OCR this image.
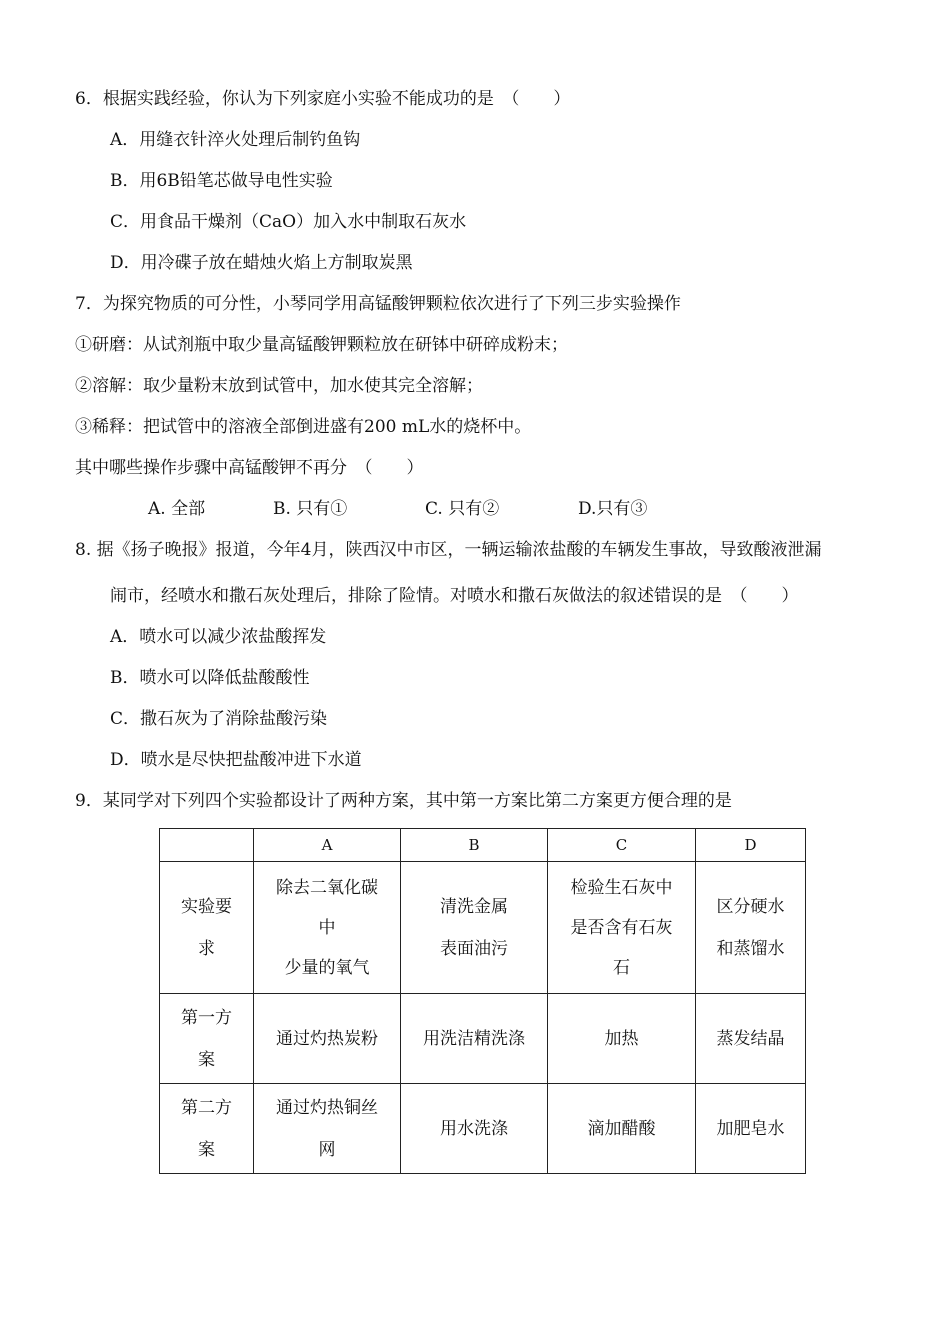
6．根据实践经验，你认为下列家庭小实验不能成功的是　（　　）
A．用缝衣针淬火处理后制钓鱼钩
B．用6B铅笔芯做导电性实验
C．用食品干燥剂（CaO）加入水中制取石灰水
D．用冷碟子放在蜡烛火焰上方制取炭黑
7．为探究物质的可分性，小琴同学用高锰酸钾颗粒依次进行了下列三步实验操作
①研磨：从试剂瓶中取少量高锰酸钾颗粒放在研钵中研碎成粉末；
②溶解：取少量粉末放到试管中，加水使其完全溶解；
③稀释：把试管中的溶液全部倒进盛有200 mL水的烧杯中。
其中哪些操作步骤中高锰酸钾不再分　（　　）
A. 全部	B. 只有①	C. 只有②	D.只有③
8. 据《扬子晚报》报道，今年4月，陕西汉中市区，一辆运输浓盐酸的车辆发生事故，导致酸液泄漏
闹市，经喷水和撒石灰处理后，排除了险情。对喷水和撒石灰做法的叙述错误的是　（　　）
A．喷水可以减少浓盐酸挥发
B．喷水可以降低盐酸酸性
C．撒石灰为了消除盐酸污染
D．喷水是尽快把盐酸冲进下水道
9．某同学对下列四个实验都设计了两种方案，其中第一方案比第二方案更方便合理的是
	A	B	C	D

实验要
求	除去二氧化碳
中
少量的氧气	清洗金属
表面油污	检验生石灰中
是否含有石灰
石	区分硬水
和蒸馏水

第一方
案	通过灼热炭粉	用洗洁精洗涤	加热	蒸发结晶

第二方
案	通过灼热铜丝
网	用水洗涤	滴加醋酸	加肥皂水
